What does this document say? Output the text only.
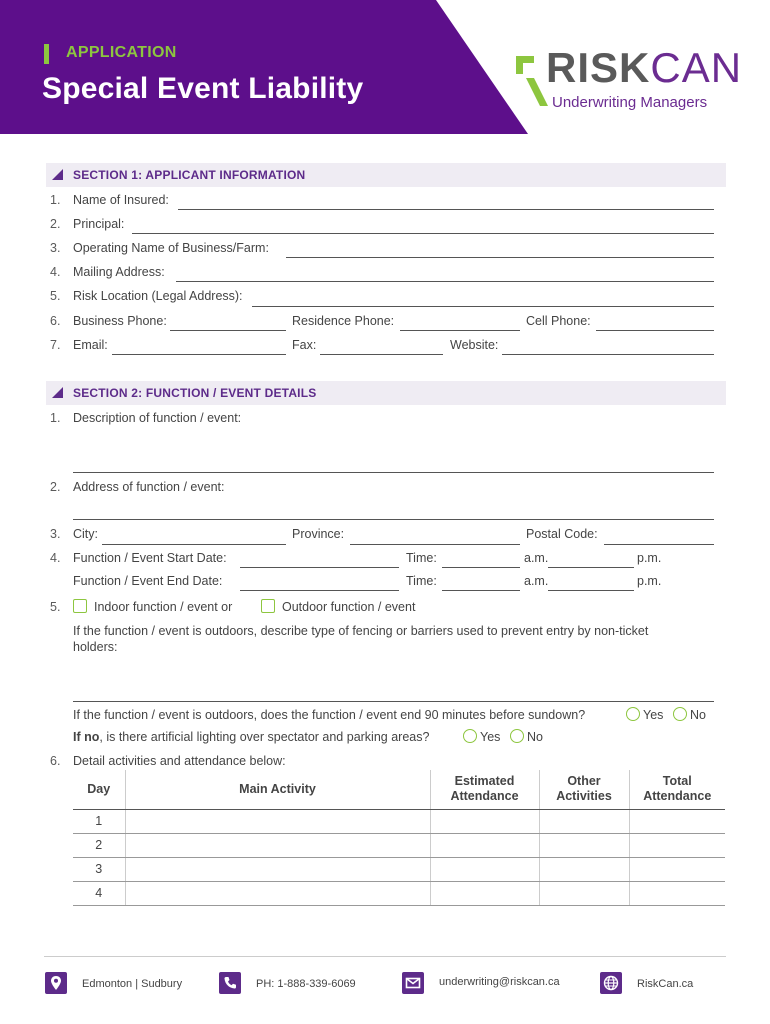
APPLICATION
Special Event Liability	RISKCAN
Underwriting Managers
SECTION 1: APPLICANT INFORMATION
1. Name of Insured:
2. Principal:
3. Operating Name of Business/Farm:
4. Mailing Address:
5. Risk Location (Legal Address):
6. Business Phone:	Residence Phone:	Cell Phone:
7. Email:	Fax:	Website:
SECTION 2: FUNCTION / EVENT DETAILS
1. Description of function / event:
2. Address of function / event:
3. City:	Province:	Postal Code:
4. Function / Event Start Date:	Time:	a.m.	p.m.
Function / Event End Date:	Time:	a.m.	p.m.
5.	Indoor function / event or	Outdoor function / event
If the function / event is outdoors, describe type of fencing or barriers used to prevent entry by non-ticket
holders:
If the function / event is outdoors, does the function / event end 90 minutes before sundown?	Yes No
If no, is there artificial lighting over spectator and parking areas?	Yes No
6. Detail activities and attendance below:
Day	Main Activity	Estimated Attendance	Other Activities	Total Attendance
1				
2				
3				
4				
Edmonton | Sudbury	PH: 1-888-339-6069	underwriting@riskcan.ca	RiskCan.ca
